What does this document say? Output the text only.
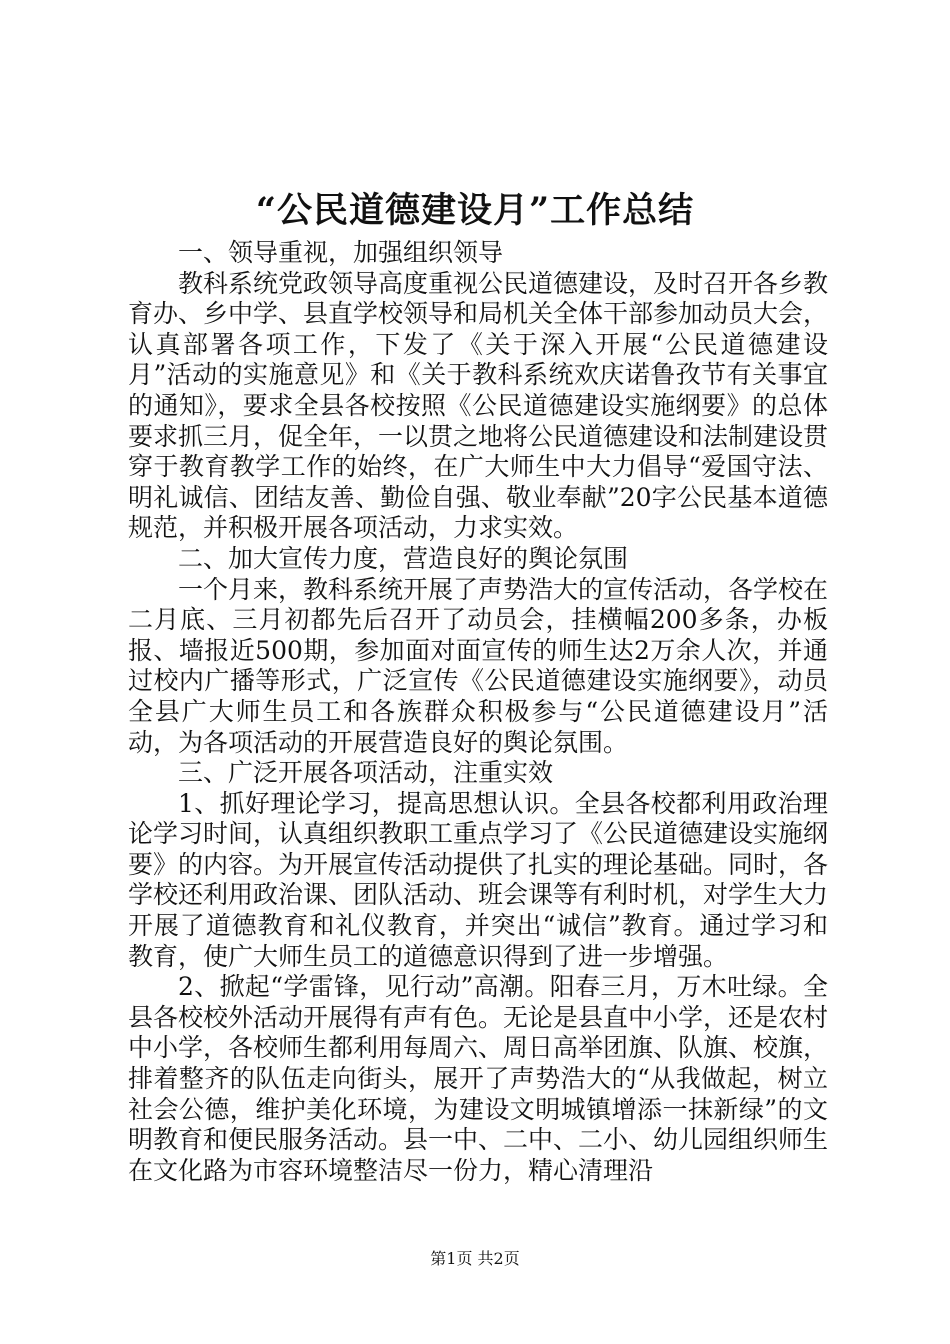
“公民道德建设月”工作总结

一、领导重视，加强组织领导

教科系统党政领导高度重视公民道德建设，及时召开各乡教育办、乡中学、县直学校领导和局机关全体干部参加动员大会，认真部署各项工作，下发了《关于深入开展“公民道德建设月”活动的实施意见》和《关于教科系统欢庆诺鲁孜节有关事宜的通知》，要求全县各校按照《公民道德建设实施纲要》的总体要求抓三月，促全年，一以贯之地将公民道德建设和法制建设贯穿于教育教学工作的始终，在广大师生中大力倡导“爱国守法、明礼诚信、团结友善、勤俭自强、敬业奉献”20字公民基本道德规范，并积极开展各项活动，力求实效。

二、加大宣传力度，营造良好的舆论氛围

一个月来，教科系统开展了声势浩大的宣传活动，各学校在二月底、三月初都先后召开了动员会，挂横幅200多条，办板报、墙报近500期，参加面对面宣传的师生达2万余人次，并通过校内广播等形式，广泛宣传《公民道德建设实施纲要》，动员全县广大师生员工和各族群众积极参与“公民道德建设月”活动，为各项活动的开展营造良好的舆论氛围。

三、广泛开展各项活动，注重实效

1、抓好理论学习，提高思想认识。全县各校都利用政治理论学习时间，认真组织教职工重点学习了《公民道德建设实施纲要》的内容。为开展宣传活动提供了扎实的理论基础。同时，各学校还利用政治课、团队活动、班会课等有利时机，对学生大力开展了道德教育和礼仪教育，并突出“诚信”教育。通过学习和教育，使广大师生员工的道德意识得到了进一步增强。

2、掀起“学雷锋，见行动”高潮。阳春三月，万木吐绿。全县各校校外活动开展得有声有色。无论是县直中小学，还是农村中小学，各校师生都利用每周六、周日高举团旗、队旗、校旗，排着整齐的队伍走向街头，展开了声势浩大的“从我做起，树立社会公德，维护美化环境，为建设文明城镇增添一抹新绿”的文明教育和便民服务活动。县一中、二中、二小、幼儿园组织师生在文化路为市容环境整洁尽一份力，精心清理沿

第1页 共2页
